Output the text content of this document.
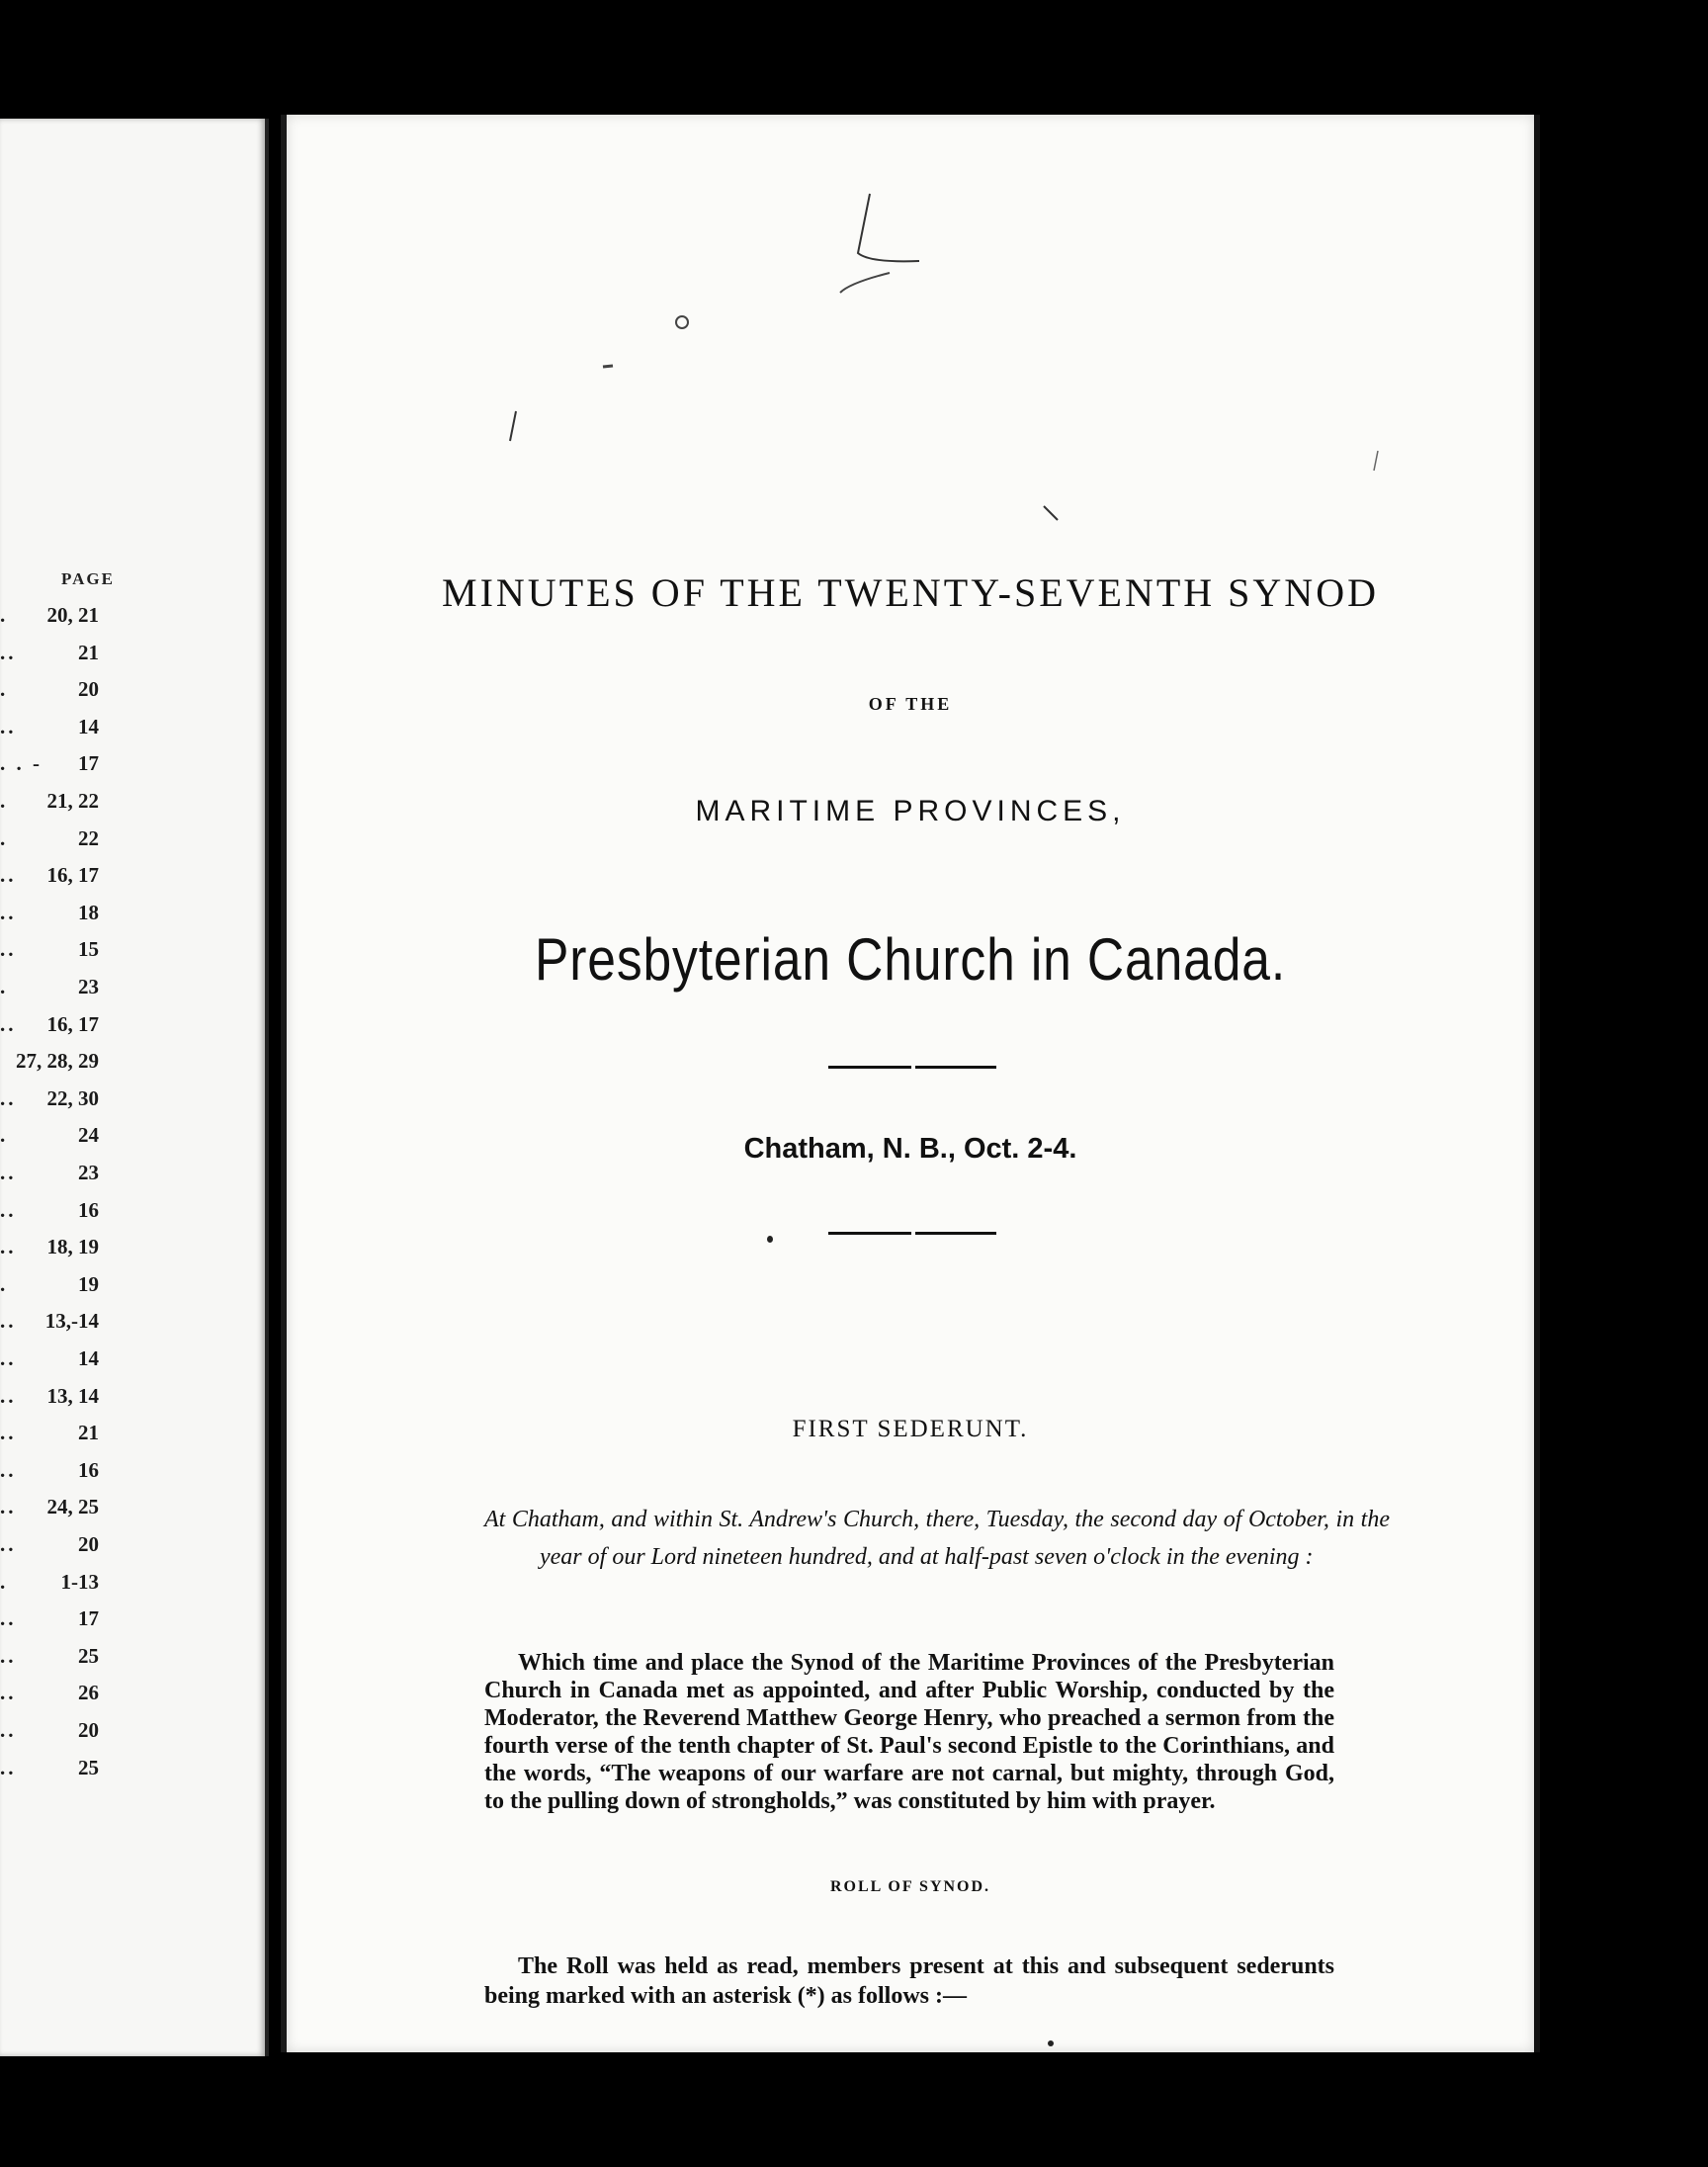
PAGE
. 20, 21
..	21
.	20
..	14
. . - 17
. 21, 22
.	22
.. 16, 17
..	18
..	15
.	23
.. 16, 17
27, 28, 29
.. 22, 30
.	24
..	23
..	16
.. 18, 19
.	19
.. 13,-14
..	14
.. 13, 14
..	21
..	16
.. 24, 25
..	20
.	1-13
..	17
..	25
..	26
..	20
..	25
MINUTES OF THE TWENTY-SEVENTH SYNOD
OF THE
MARITIME PROVINCES,
Presbyterian Church in Canada.
Chatham, N. B., Oct. 2-4.
FIRST SEDERUNT.

At Chatham, and within St. Andrew's Church, there, Tuesday, the second day of October, in the year of our Lord nineteen hundred, and at half-past seven o'clock in the evening :

Which time and place the Synod of the Maritime Provinces of the Presbyterian Church in Canada met as appointed, and after Public Worship, conducted by the Moderator, the Reverend Matthew George Henry, who preached a sermon from the fourth verse of the tenth chapter of St. Paul's second Epistle to the Corinthians, and the words, “The weapons of our warfare are not carnal, but mighty, through God, to the pulling down of strongholds,” was constituted by him with prayer.

ROLL OF SYNOD.

The Roll was held as read, members present at this and subsequent sederunts being marked with an asterisk (*) as follows :—
